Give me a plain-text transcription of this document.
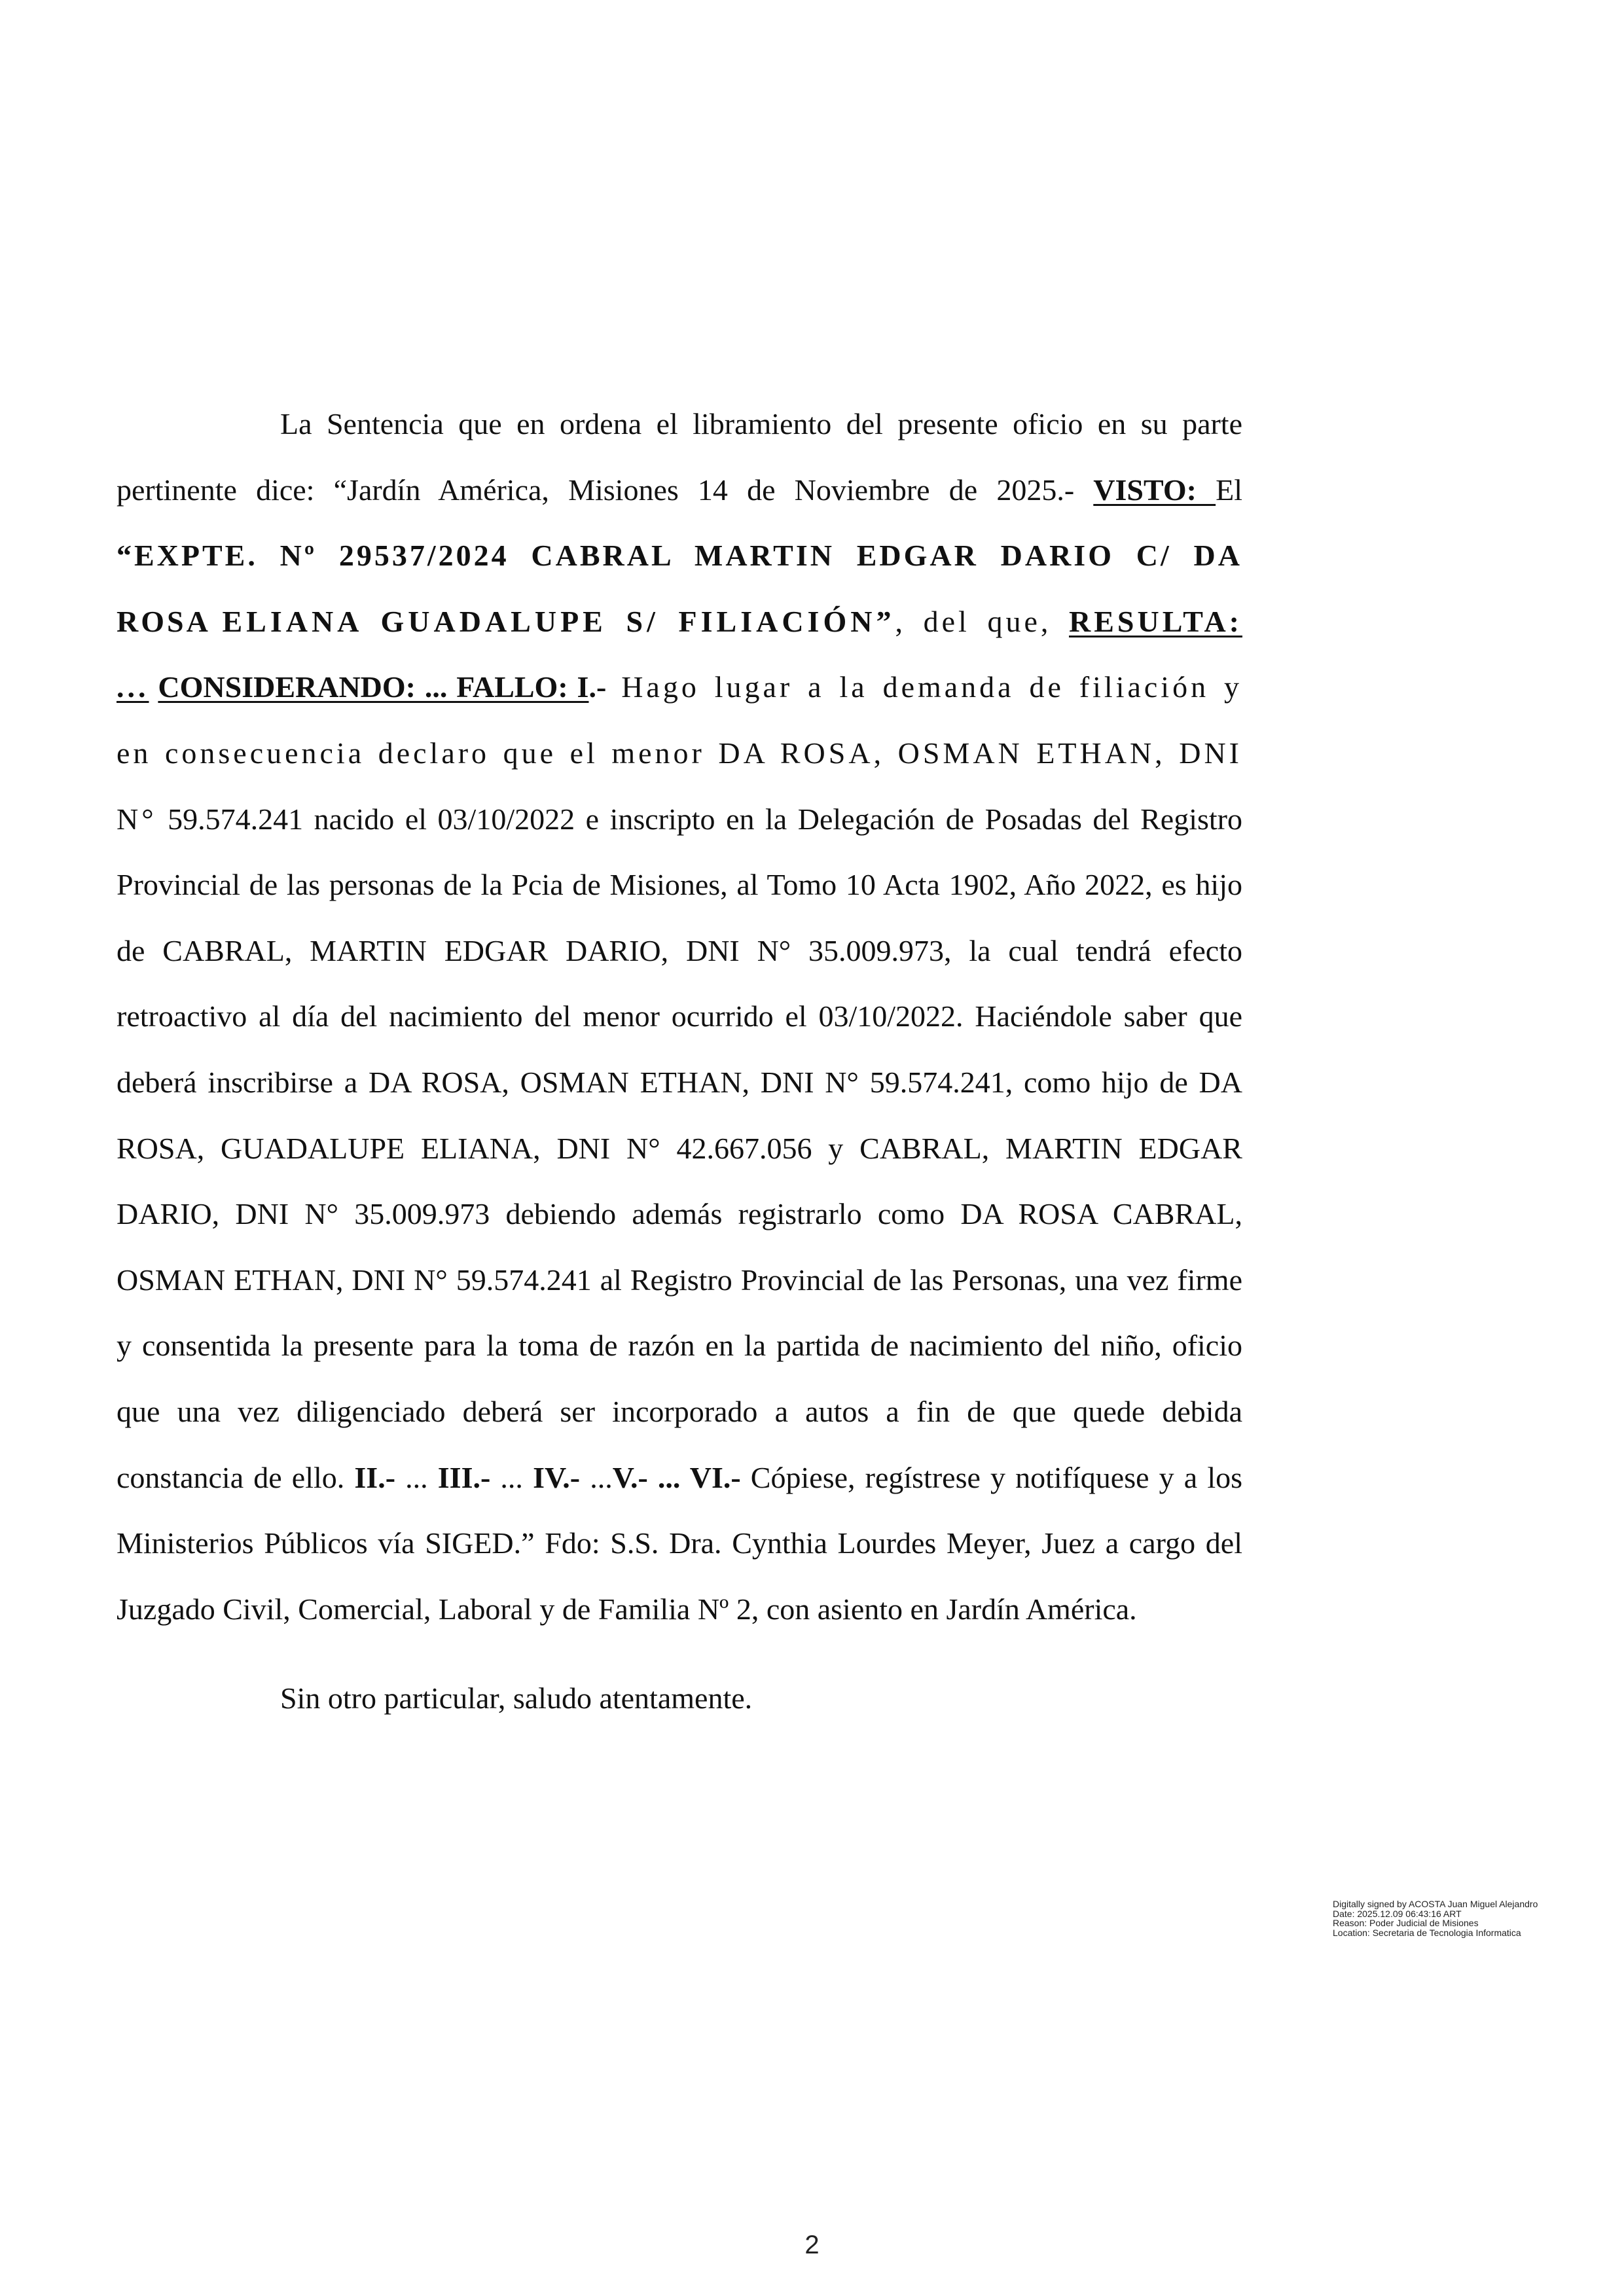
La Sentencia que en ordena el libramiento del presente oficio en su parte pertinente dice: “Jardín América, Misiones 14 de Noviembre de 2025.- VISTO: El “EXPTE. Nº 29537/2024 CABRAL MARTIN EDGAR DARIO C/ DA ROSA ELIANA GUADALUPE S/ FILIACIÓN”, del que, RESULTA: ... CONSIDERANDO: ... FALLO: I.- Hago lugar a la demanda de filiación y en consecuencia declaro que el menor DA ROSA, OSMAN ETHAN, DNI N° 59.574.241 nacido el 03/10/2022 e inscripto en la Delegación de Posadas del Registro Provincial de las personas de la Pcia de Misiones, al Tomo 10 Acta 1902, Año 2022, es hijo de CABRAL, MARTIN EDGAR DARIO, DNI N° 35.009.973, la cual tendrá efecto retroactivo al día del nacimiento del menor ocurrido el 03/10/2022. Haciéndole saber que deberá inscribirse a DA ROSA, OSMAN ETHAN, DNI N° 59.574.241, como hijo de DA ROSA, GUADALUPE ELIANA, DNI N° 42.667.056 y CABRAL, MARTIN EDGAR DARIO, DNI N° 35.009.973 debiendo además registrarlo como DA ROSA CABRAL, OSMAN ETHAN, DNI N° 59.574.241 al Registro Provincial de las Personas, una vez firme y consentida la presente para la toma de razón en la partida de nacimiento del niño, oficio que una vez diligenciado deberá ser incorporado a autos a fin de que quede debida constancia de ello. II.- ... III.- ... IV.- ...V.- ... VI.- Cópiese, regístrese y notifíquese y a los Ministerios Públicos vía SIGED.” Fdo: S.S. Dra. Cynthia Lourdes Meyer, Juez a cargo del Juzgado Civil, Comercial, Laboral y de Familia Nº 2, con asiento en Jardín América.

Sin otro particular, saludo atentamente.

Digitally signed by ACOSTA Juan Miguel Alejandro
Date: 2025.12.09 06:43:16 ART
Reason: Poder Judicial de Misiones
Location: Secretaria de Tecnologia Informatica
2
